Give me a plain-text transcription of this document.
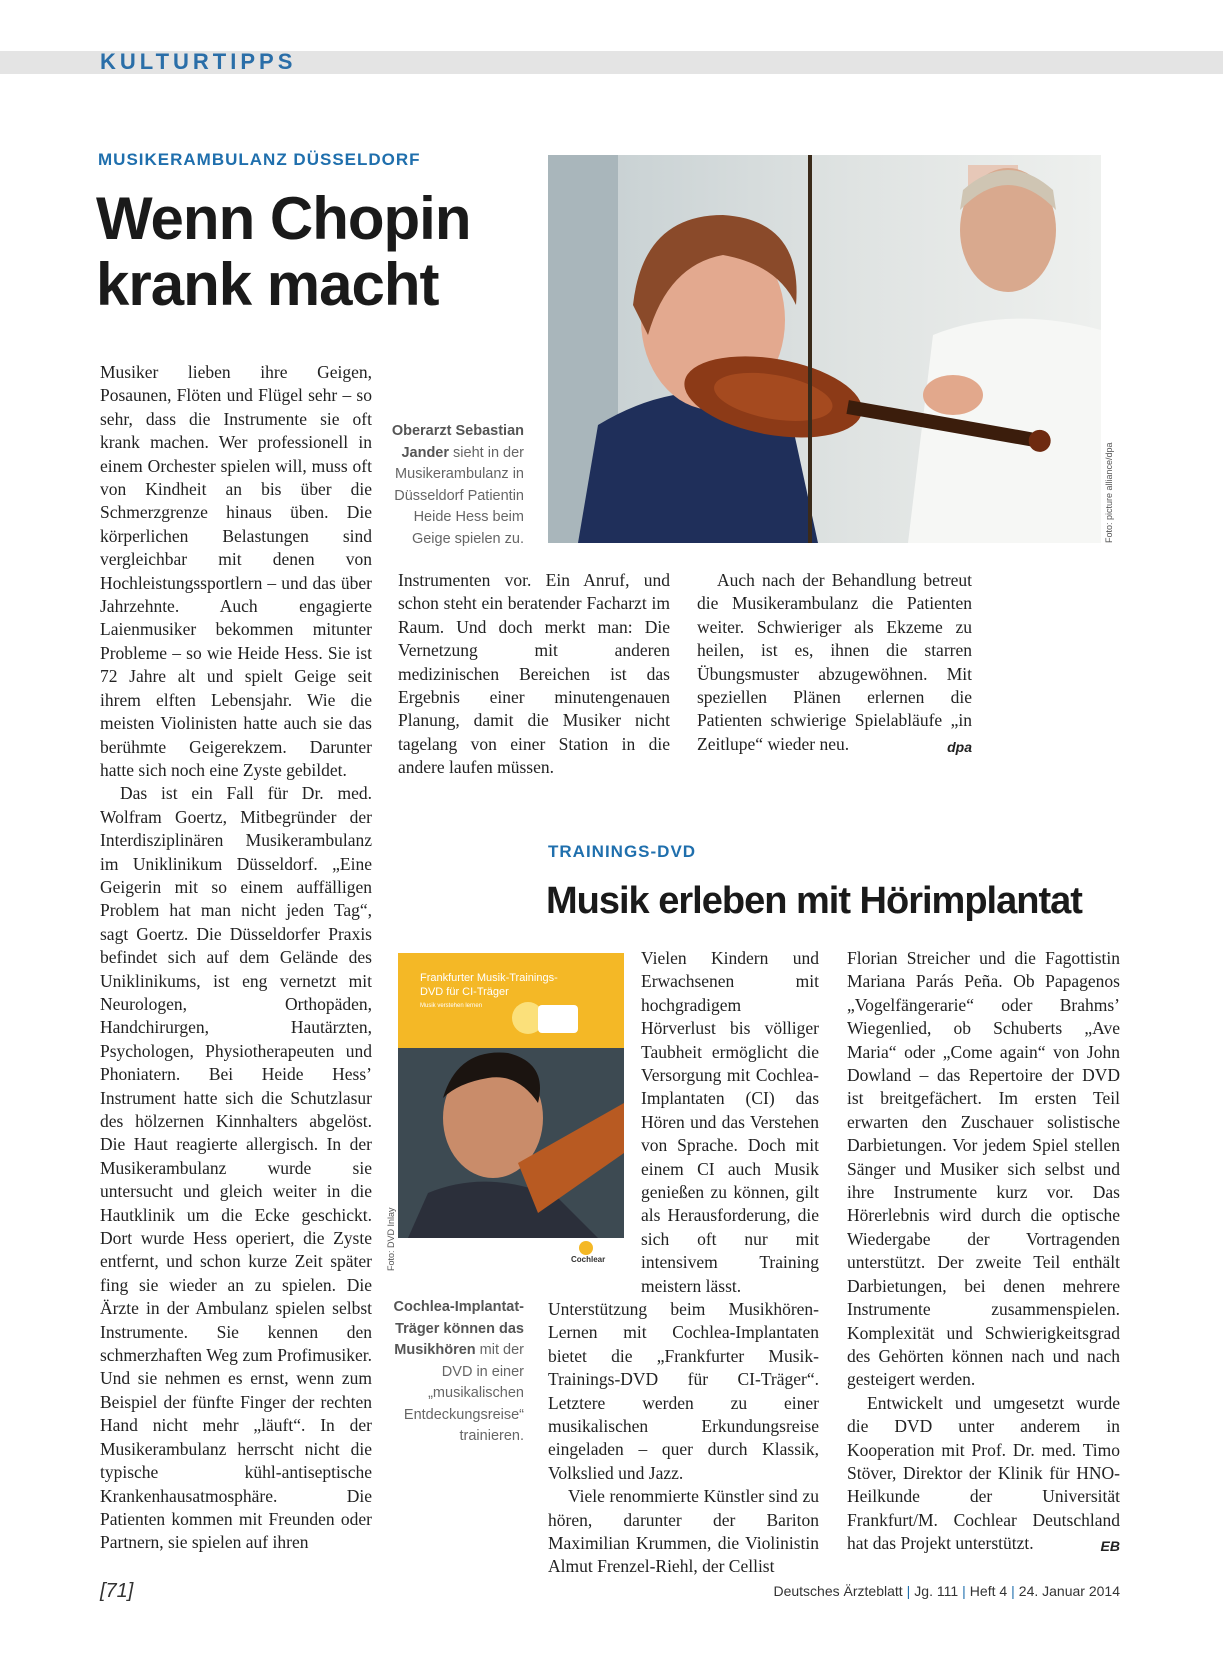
KULTURTIPPS
MUSIKERAMBULANZ DÜSSELDORF
Wenn Chopin
krank macht

Musiker lieben ihre Geigen, Posaunen, Flöten und Flügel sehr – so sehr, dass die Instrumente sie oft krank machen. Wer professionell in einem Orchester spielen will, muss oft von Kindheit an bis über die Schmerzgrenze hinaus üben. Die körperlichen Belastungen sind vergleichbar mit denen von Hochleistungssportlern – und das über Jahrzehnte. Auch engagierte Laienmusiker bekommen mitunter Probleme – so wie Heide Hess. Sie ist 72 Jahre alt und spielt Geige seit ihrem elften Lebensjahr. Wie die meisten Violinisten hatte auch sie das berühmte Geigerekzem. Darunter hatte sich noch eine Zyste gebildet.

Das ist ein Fall für Dr. med. Wolfram Goertz, Mitbegründer der Interdisziplinären Musikerambulanz im Uniklinikum Düsseldorf. „Eine Geigerin mit so einem auffälligen Problem hat man nicht jeden Tag“, sagt Goertz. Die Düsseldorfer Praxis befindet sich auf dem Gelände des Uniklinikums, ist eng vernetzt mit Neurologen, Orthopäden, Handchirurgen, Hautärzten, Psychologen, Physiotherapeuten und Phoniatern. Bei Heide Hess’ Instrument hatte sich die Schutzlasur des hölzernen Kinnhalters abgelöst. Die Haut reagierte allergisch. In der Musikerambulanz wurde sie untersucht und gleich weiter in die Hautklinik um die Ecke geschickt. Dort wurde Hess operiert, die Zyste entfernt, und schon kurze Zeit später fing sie wieder an zu spielen. Die Ärzte in der Ambulanz spielen selbst Instrumente. Sie kennen den schmerzhaften Weg zum Profimusiker. Und sie nehmen es ernst, wenn zum Beispiel der fünfte Finger der rechten Hand nicht mehr „läuft“. In der Musikerambulanz herrscht nicht die typische kühl-antiseptische Krankenhausatmosphäre. Die Patienten kommen mit Freunden oder Partnern, sie spielen auf ihren

Oberarzt Sebastian Jander sieht in der Musikerambulanz in Düsseldorf Patientin Heide Hess beim Geige spielen zu.	Foto: picture alliance/dpa

Instrumenten vor. Ein Anruf, und schon steht ein beratender Facharzt im Raum. Und doch merkt man: Die Vernetzung mit anderen medizinischen Bereichen ist das Ergebnis einer minutengenauen Planung, damit die Musiker nicht tagelang von einer Station in die andere laufen müssen.

Auch nach der Behandlung betreut die Musikerambulanz die Patienten weiter. Schwieriger als Ekzeme zu heilen, ist es, ihnen die starren Übungsmuster abzugewöhnen. Mit speziellen Plänen erlernen die Patienten schwierige Spielabläufe „in Zeitlupe“ wieder neu.	dpa

TRAININGS-DVD
Musik erleben mit Hörimplantat
Frankfurter Musik-Trainings-DVD für CI-Träger
Musik verstehen lernen
Cochlear
Foto: DVD Inlay
Cochlea-Implantat-Träger können das Musikhören mit der DVD in einer „musikalischen Entdeckungsreise“ trainieren.

Vielen Kindern und Erwachsenen mit hochgradigem Hörverlust bis völliger Taubheit ermöglicht die Versorgung mit Cochlea-Implantaten (CI) das Hören und das Verstehen von Sprache. Doch mit einem CI auch Musik genießen zu können, gilt als Herausforderung, die sich oft nur mit intensivem Training meistern lässt.

Unterstützung beim Musikhören-Lernen mit Cochlea-Implantaten bietet die „Frankfurter Musik-Trainings-DVD für CI-Träger“. Letztere werden zu einer musikalischen Erkundungsreise eingeladen – quer durch Klassik, Volkslied und Jazz.

Viele renommierte Künstler sind zu hören, darunter der Bariton Maximilian Krummen, die Violinistin Almut Frenzel-Riehl, der Cellist

Florian Streicher und die Fagottistin Mariana Parás Peña. Ob Papagenos „Vogelfängerarie“ oder Brahms’ Wiegenlied, ob Schuberts „Ave Maria“ oder „Come again“ von John Dowland – das Repertoire der DVD ist breitgefächert. Im ersten Teil erwarten den Zuschauer solistische Darbietungen. Vor jedem Spiel stellen Sänger und Musiker sich selbst und ihre Instrumente kurz vor. Das Hörerlebnis wird durch die optische Wiedergabe der Vortragenden unterstützt. Der zweite Teil enthält Darbietungen, bei denen mehrere Instrumente zusammenspielen. Komplexität und Schwierigkeitsgrad des Gehörten können nach und nach gesteigert werden.

Entwickelt und umgesetzt wurde die DVD unter anderem in Kooperation mit Prof. Dr. med. Timo Stöver, Direktor der Klinik für HNO-Heilkunde der Universität Frankfurt/M. Cochlear Deutschland hat das Projekt unterstützt.	EB

[71]	Deutsches Ärzteblatt | Jg. 111 | Heft 4 | 24. Januar 2014
